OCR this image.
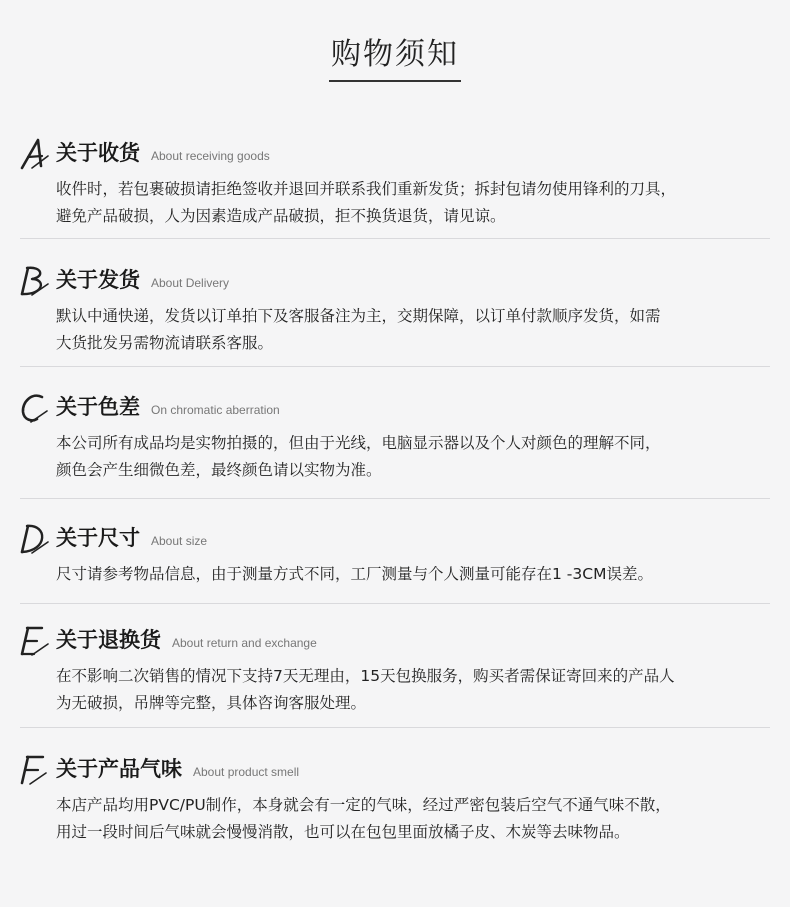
购物须知
关于收货 About receiving goods
收件时，若包裹破损请拒绝签收并退回并联系我们重新发货；拆封包请勿使用锋利的刀具，
避免产品破损，人为因素造成产品破损，拒不换货退货，请见谅。
关于发货 About Delivery
默认中通快递，发货以订单拍下及客服备注为主，交期保障，以订单付款顺序发货，如需
大货批发另需物流请联系客服。
关于色差 On chromatic aberration
本公司所有成品均是实物拍摄的，但由于光线，电脑显示器以及个人对颜色的理解不同，
颜色会产生细微色差，最终颜色请以实物为准。
关于尺寸 About size
尺寸请参考物品信息，由于测量方式不同，工厂测量与个人测量可能存在1 -3CM误差。
关于退换货 About return and exchange
在不影响二次销售的情况下支持7天无理由，15天包换服务，购买者需保证寄回来的产品人
为无破损，吊牌等完整，具体咨询客服处理。
关于产品气味 About product smell
本店产品均用PVC/PU制作，本身就会有一定的气味，经过严密包装后空气不通气味不散，
用过一段时间后气味就会慢慢消散，也可以在包包里面放橘子皮、木炭等去味物品。
